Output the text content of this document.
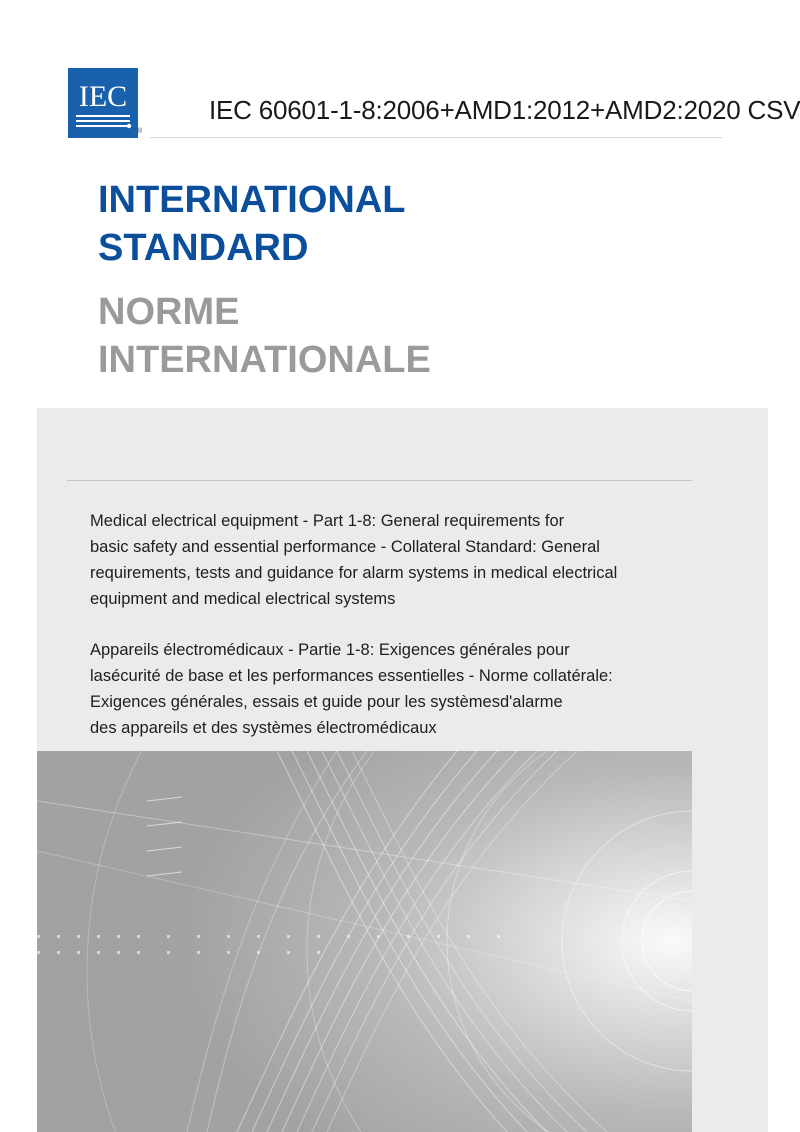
IEC
®
IEC 60601-1-8:2006+AMD1:2012+AMD2:2020 CSV
INTERNATIONAL
STANDARD
NORME
INTERNATIONALE

Medical electrical equipment - Part 1-8: General requirements for
basic safety and essential performance - Collateral Standard: General
requirements, tests and guidance for alarm systems in medical electrical
equipment and medical electrical systems

Appareils électromédicaux - Partie 1-8: Exigences générales pour
lasécurité de base et les performances essentielles - Norme collatérale:
Exigences générales, essais et guide pour les systèmesd'alarme
des appareils et des systèmes électromédicaux
